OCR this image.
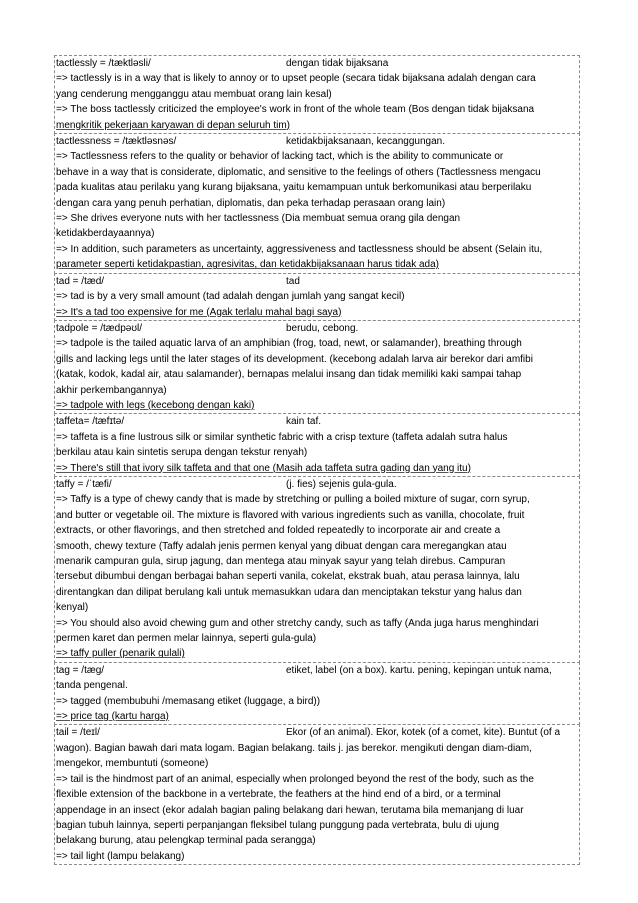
tactlessly = /tæktləsli/	dengan tidak bijaksana
=> tactlessly is in a way that is likely to annoy or to upset people (secara tidak bijaksana adalah dengan cara
yang cenderung mengganggu atau membuat orang lain kesal)
=> The boss tactlessly criticized the employee's work in front of the whole team (Bos dengan tidak bijaksana
mengkritik pekerjaan karyawan di depan seluruh tim)
tactlessness = /tæktləsnəs/	ketidakbijaksanaan, kecanggungan.
=> Tactlessness refers to the quality or behavior of lacking tact, which is the ability to communicate or
behave in a way that is considerate, diplomatic, and sensitive to the feelings of others (Tactlessness mengacu
pada kualitas atau perilaku yang kurang bijaksana, yaitu kemampuan untuk berkomunikasi atau berperilaku
dengan cara yang penuh perhatian, diplomatis, dan peka terhadap perasaan orang lain)
=> She drives everyone nuts with her tactlessness (Dia membuat semua orang gila dengan
ketidakberdayaannya)
=> In addition, such parameters as uncertainty, aggressiveness and tactlessness should be absent (Selain itu,
parameter seperti ketidakpastian, agresivitas, dan ketidakbijaksanaan harus tidak ada)
tad = /tæd/	tad
=> tad is by a very small amount (tad adalah dengan jumlah yang sangat kecil)
=> It's a tad too expensive for me (Agak terlalu mahal bagi saya)
tadpole = /tædpəʊl/	berudu, cebong.
=> tadpole is the tailed aquatic larva of an amphibian (frog, toad, newt, or salamander), breathing through
gills and lacking legs until the later stages of its development. (kecebong adalah larva air berekor dari amfibi
(katak, kodok, kadal air, atau salamander), bernapas melalui insang dan tidak memiliki kaki sampai tahap
akhir perkembangannya)
=> tadpole with legs (kecebong dengan kaki)
taffeta= /tæfɪtə/	kain taf.
=> taffeta is a fine lustrous silk or similar synthetic fabric with a crisp texture (taffeta adalah sutra halus
berkilau atau kain sintetis serupa dengan tekstur renyah)
=> There's still that ivory silk taffeta and that one (Masih ada taffeta sutra gading dan yang itu)
taffy = /ˈtæfi/	(j. fies) sejenis gula-gula.
=> Taffy is a type of chewy candy that is made by stretching or pulling a boiled mixture of sugar, corn syrup,
and butter or vegetable oil. The mixture is flavored with various ingredients such as vanilla, chocolate, fruit
extracts, or other flavorings, and then stretched and folded repeatedly to incorporate air and create a
smooth, chewy texture (Taffy adalah jenis permen kenyal yang dibuat dengan cara meregangkan atau
menarik campuran gula, sirup jagung, dan mentega atau minyak sayur yang telah direbus. Campuran
tersebut dibumbui dengan berbagai bahan seperti vanila, cokelat, ekstrak buah, atau perasa lainnya, lalu
direntangkan dan dilipat berulang kali untuk memasukkan udara dan menciptakan tekstur yang halus dan
kenyal)
=> You should also avoid chewing gum and other stretchy candy, such as taffy (Anda juga harus menghindari
permen karet dan permen melar lainnya, seperti gula-gula)
=> taffy puller (penarik gulali)
tag = /tæg/	etiket, label (on a box). kartu. pening, kepingan untuk nama,
tanda pengenal.
=> tagged (membubuhi /memasang etiket (luggage, a bird))
=> price tag (kartu harga)
tail = /teɪl/	Ekor (of an animal). Ekor, kotek (of a comet, kite). Buntut (of a
wagon). Bagian bawah dari mata logam. Bagian belakang. tails j. jas berekor. mengikuti dengan diam-diam,
mengekor, membuntuti (someone)
=> tail is the hindmost part of an animal, especially when prolonged beyond the rest of the body, such as the
flexible extension of the backbone in a vertebrate, the feathers at the hind end of a bird, or a terminal
appendage in an insect (ekor adalah bagian paling belakang dari hewan, terutama bila memanjang di luar
bagian tubuh lainnya, seperti perpanjangan fleksibel tulang punggung pada vertebrata, bulu di ujung
belakang burung, atau pelengkap terminal pada serangga)
=> tail light (lampu belakang)
